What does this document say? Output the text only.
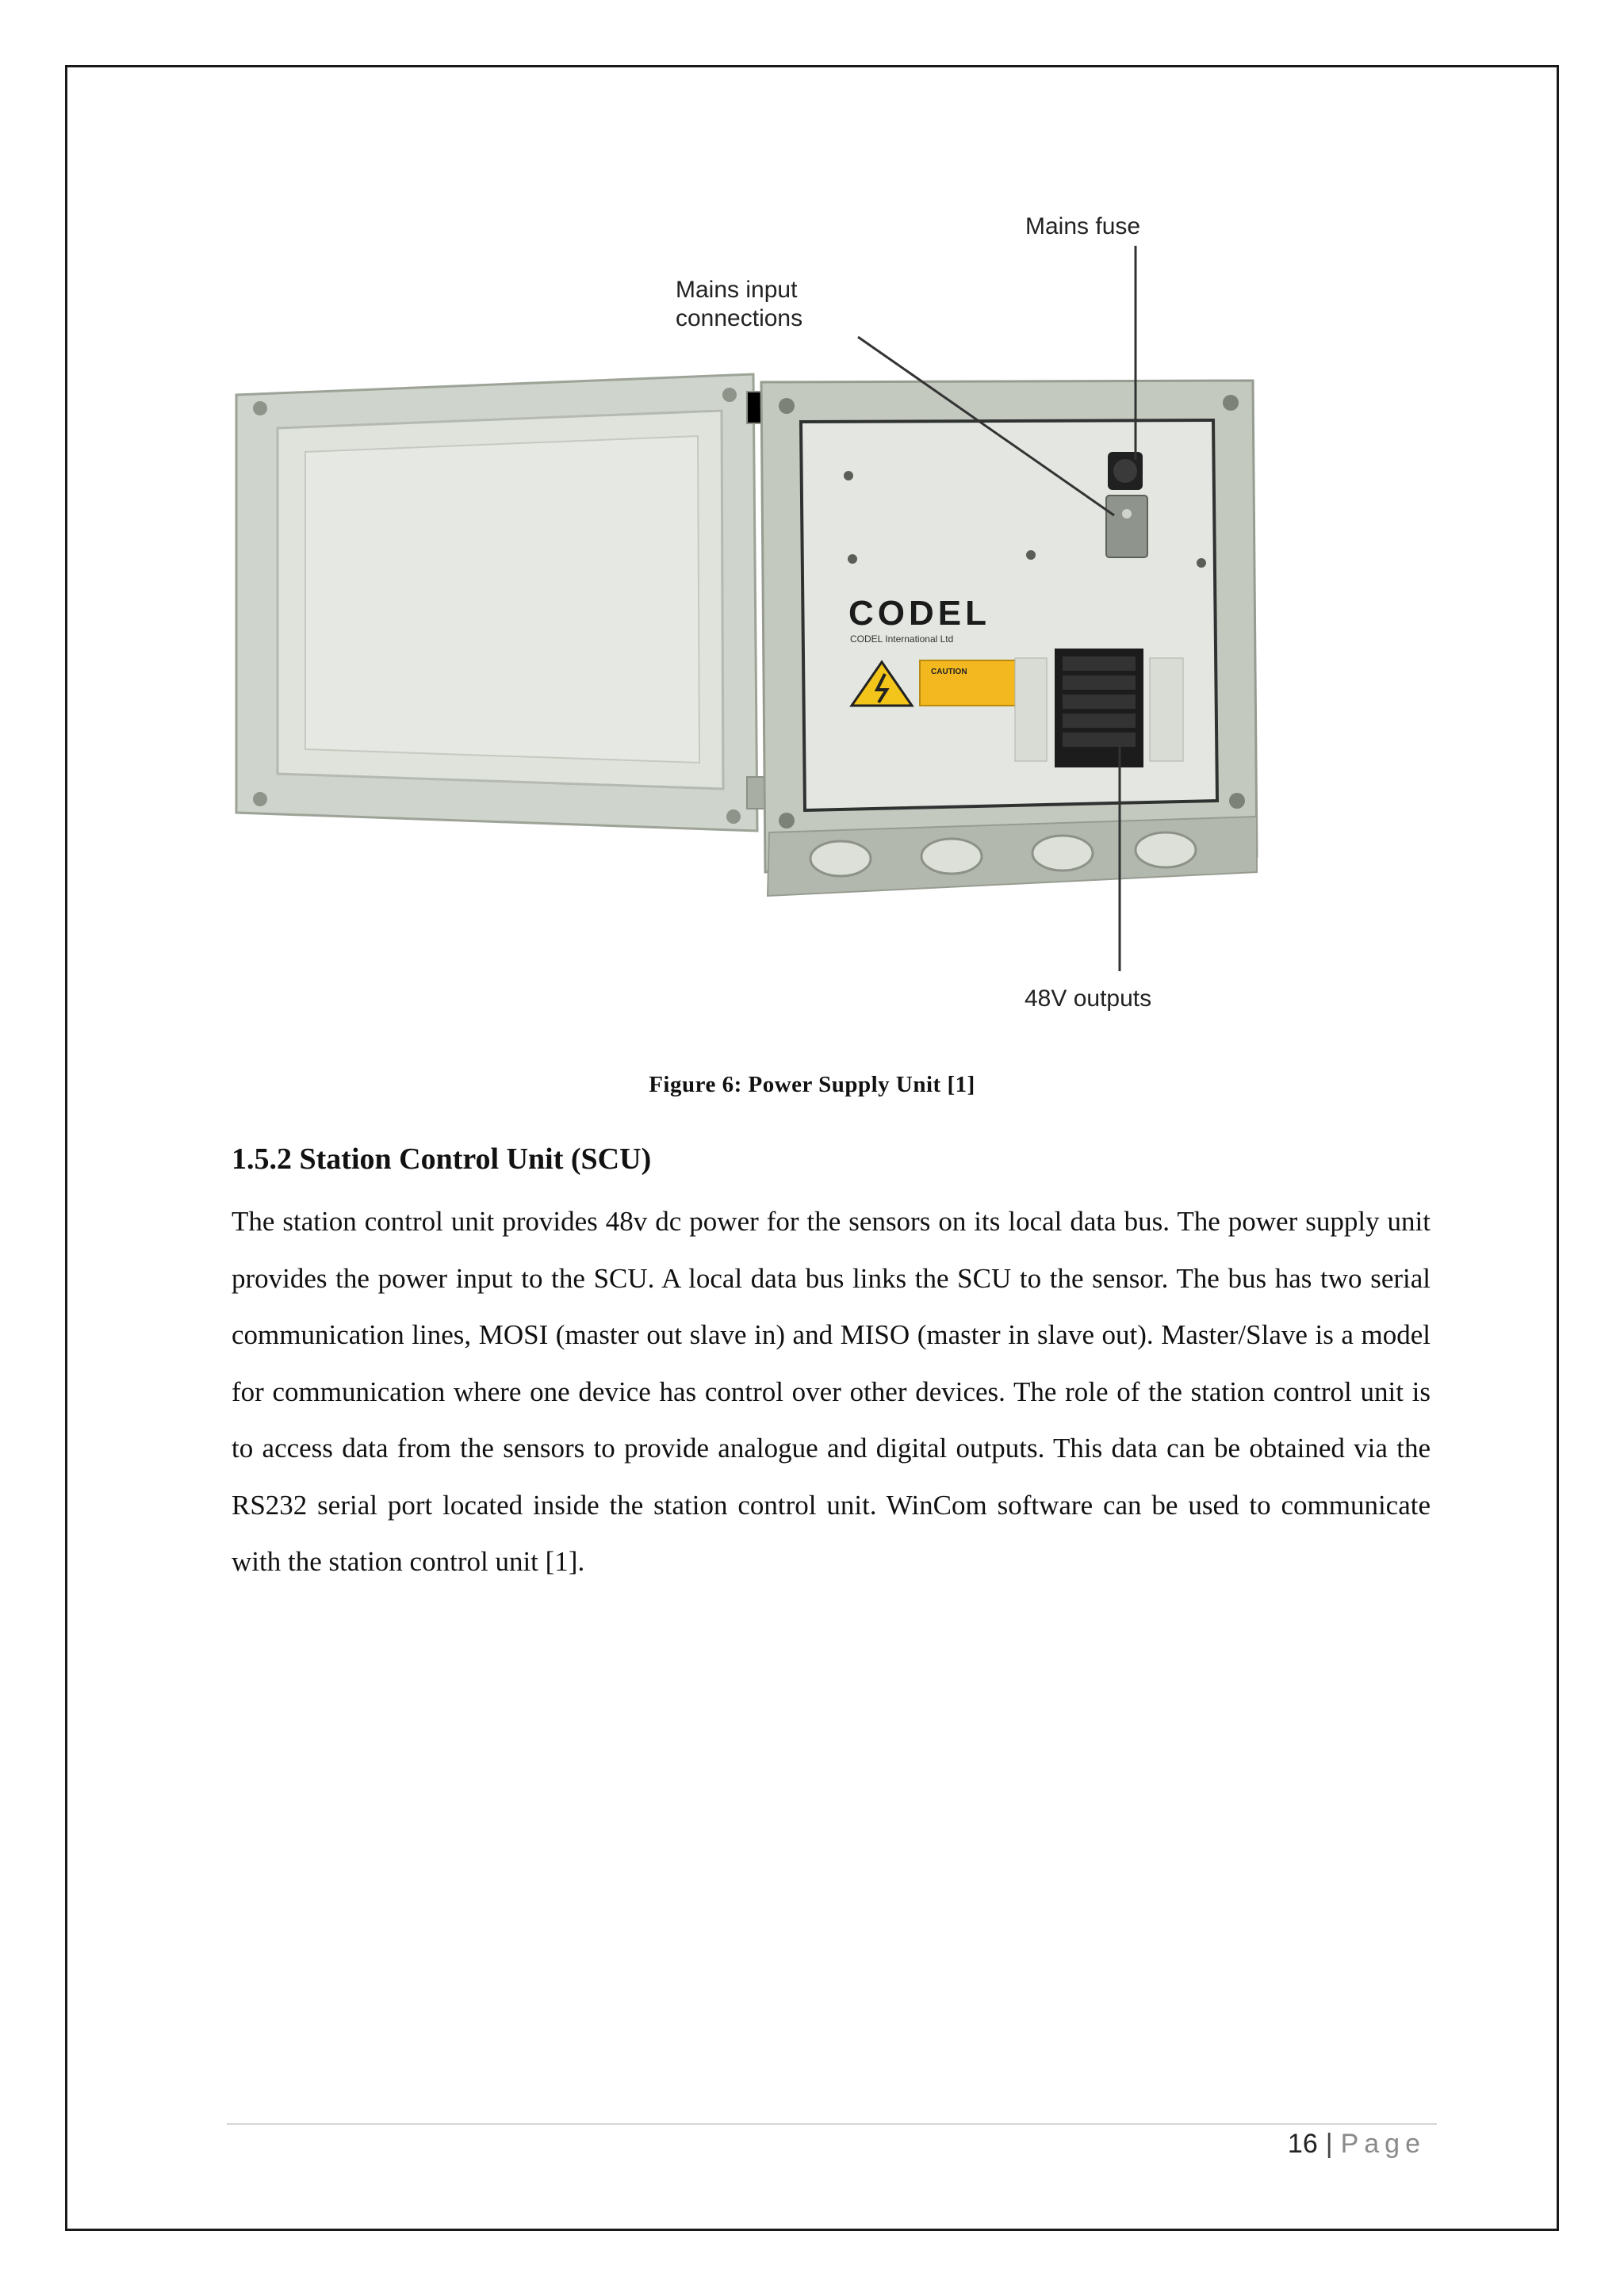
CODEL
CODEL International Ltd
CAUTION
Mains fuse
Mains input
connections
48V outputs
Figure 6: Power Supply Unit [1]
1.5.2 Station Control Unit (SCU)
The station control unit provides 48v dc power for the sensors on its local data bus. The power supply unit provides the power input to the SCU. A local data bus links the SCU to the sensor. The bus has two serial communication lines, MOSI (master out slave in) and MISO (master in slave out). Master/Slave is a model for communication where one device has control over other devices. The role of the station control unit is to access data from the sensors to provide analogue and digital outputs. This data can be obtained via the RS232 serial port located inside the station control unit. WinCom software can be used to communicate with the station control unit [1].
16 | Page
